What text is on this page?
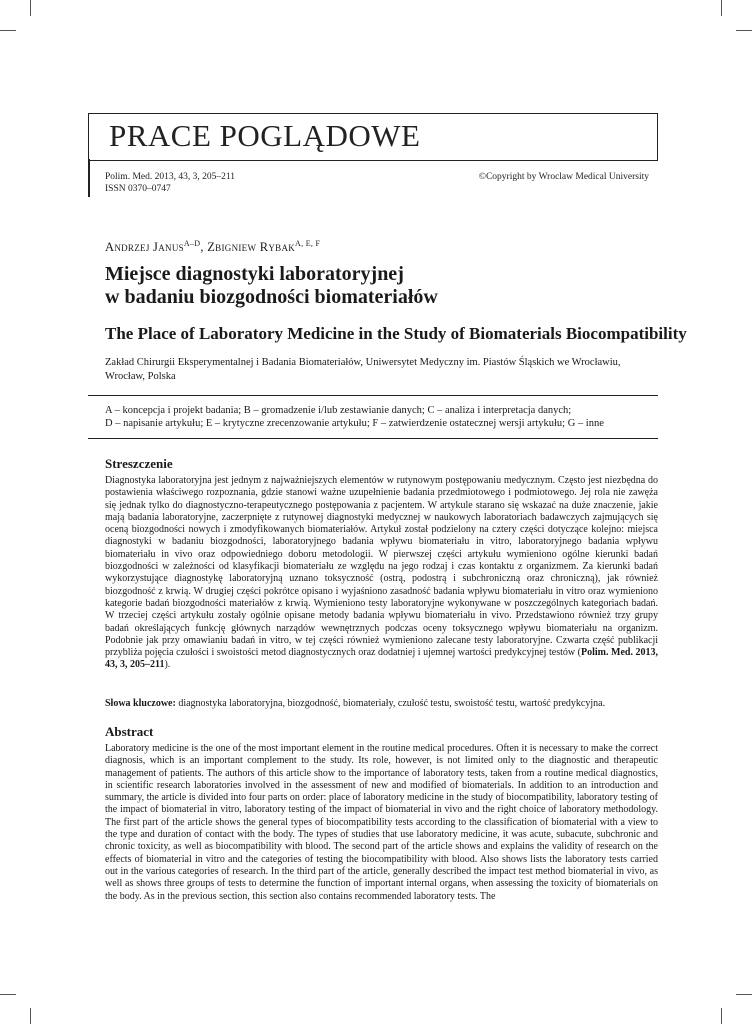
PRACE POGLĄDOWE
Polim. Med. 2013, 43, 3, 205–211
ISSN 0370–0747
©Copyright by Wroclaw Medical University
Andrzej Janus$^{A-D}$, Zbigniew Rybak$^{A, E, F}$
Miejsce diagnostyki laboratoryjnej
w badaniu biozgodności biomateriałów
The Place of Laboratory Medicine in the Study of Biomaterials Biocompatibility
Zakład Chirurgii Eksperymentalnej i Badania Biomateriałów, Uniwersytet Medyczny im. Piastów Śląskich we Wrocławiu, Wrocław, Polska
A – koncepcja i projekt badania; B – gromadzenie i/lub zestawianie danych; C – analiza i interpretacja danych;
D – napisanie artykułu; E – krytyczne zrecenzowanie artykułu; F – zatwierdzenie ostatecznej wersji artykułu; G – inne
Streszczenie

Diagnostyka laboratoryjna jest jednym z najważniejszych elementów w rutynowym postępowaniu medycznym. Często jest niezbędna do postawienia właściwego rozpoznania, gdzie stanowi ważne uzupełnienie badania przedmiotowego i podmiotowego. Jej rola nie zawęża się jednak tylko do diagnostyczno-terapeutycznego postępowania z pacjentem. W artykule starano się wskazać na duże znaczenie, jakie mają badania laboratoryjne, zaczerpnięte z rutynowej diagnostyki medycznej w naukowych laboratoriach badawczych zajmujących się oceną biozgodności nowych i zmodyfikowanych biomateriałów. Artykuł został podzielony na cztery części dotyczące kolejno: miejsca diagnostyki w badaniu biozgodności, laboratoryjnego badania wpływu biomateriału in vitro, laboratoryjnego badania wpływu biomateriału in vivo oraz odpowiedniego doboru metodologii. W pierwszej części artykułu wymieniono ogólne kierunki badań biozgodności w zależności od klasyfikacji biomateriału ze względu na jego rodzaj i czas kontaktu z organizmem. Za kierunki badań wykorzystujące diagnostykę laboratoryjną uznano toksyczność (ostrą, podostrą i subchroniczną oraz chroniczną), jak również biozgodność z krwią. W drugiej części pokrótce opisano i wyjaśniono zasadność badania wpływu biomateriału in vitro oraz wymieniono kategorie badań biozgodności materiałów z krwią. Wymieniono testy laboratoryjne wykonywane w poszczególnych kategoriach badań. W trzeciej części artykułu zostały ogólnie opisane metody badania wpływu biomateriału in vivo. Przedstawiono również trzy grupy badań określających funkcję głównych narządów wewnętrznych podczas oceny toksycznego wpływu biomateriału na organizm. Podobnie jak przy omawianiu badań in vitro, w tej części również wymieniono zalecane testy laboratoryjne. Czwarta część publikacji przybliża pojęcia czułości i swoistości metod diagnostycznych oraz dodatniej i ujemnej wartości predykcyjnej testów (Polim. Med. 2013, 43, 3, 205–211).

Słowa kluczowe: diagnostyka laboratoryjna, biozgodność, biomateriały, czułość testu, swoistość testu, wartość predykcyjna.

Abstract

Laboratory medicine is the one of the most important element in the routine medical procedures. Often it is necessary to make the correct diagnosis, which is an important complement to the study. Its role, however, is not limited only to the diagnostic and therapeutic management of patients. The authors of this article show to the importance of laboratory tests, taken from a routine medical diagnostics, in scientific research laboratories involved in the assessment of new and modified of biomaterials. In addition to an introduction and summary, the article is divided into four parts on order: place of laboratory medicine in the study of biocompatibility, laboratory testing of the impact of biomaterial in vitro, laboratory testing of the impact of biomaterial in vivo and the right choice of laboratory methodology. The first part of the article shows the general types of biocompatibility tests according to the classification of biomaterial with a view to the type and duration of contact with the body. The types of studies that use laboratory medicine, it was acute, subacute, subchronic and chronic toxicity, as well as biocompatibility with blood. The second part of the article shows and explains the validity of research on the effects of biomaterial in vitro and the categories of testing the biocompatibility with blood. Also shows lists the laboratory tests carried out in the various categories of research. In the third part of the article, generally described the impact test method biomaterial in vivo, as well as shows three groups of tests to determine the function of important internal organs, when assessing the toxicity of biomaterials on the body. As in the previous section, this section also contains recommended laboratory tests. The
